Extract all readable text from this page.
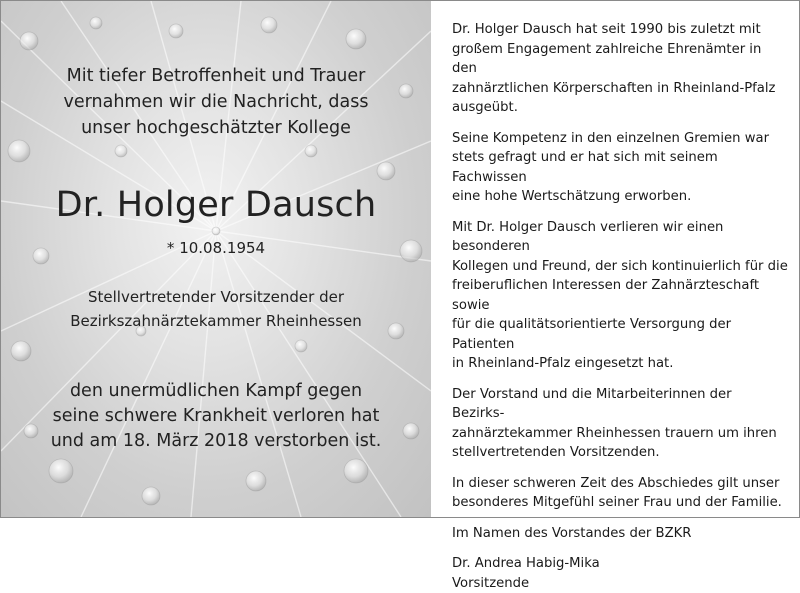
Mit tiefer Betroffenheit und Trauer
vernahmen wir die Nachricht, dass
unser hochgeschätzter Kollege
Dr. Holger Dausch
* 10.08.1954
Stellvertretender Vorsitzender der
Bezirkszahnärztekammer Rheinhessen
den unermüdlichen Kampf gegen
seine schwere Krankheit verloren hat
und am 18. März 2018 verstorben ist.

Dr. Holger Dausch hat seit 1990 bis zuletzt mit
großem Engagement zahlreiche Ehrenämter in den
zahnärztlichen Körperschaften in Rheinland-Pfalz
ausgeübt.

Seine Kompetenz in den einzelnen Gremien war
stets gefragt und er hat sich mit seinem Fachwissen
eine hohe Wertschätzung erworben.

Mit Dr. Holger Dausch verlieren wir einen besonderen
Kollegen und Freund, der sich kontinuierlich für die
freiberuflichen Interessen der Zahnärzteschaft sowie
für die qualitätsorientierte Versorgung der Patienten
in Rheinland-Pfalz eingesetzt hat.

Der Vorstand und die Mitarbeiterinnen der Bezirks-
zahnärztekammer Rheinhessen trauern um ihren
stellvertretenden Vorsitzenden.

In dieser schweren Zeit des Abschiedes gilt unser
besonderes Mitgefühl seiner Frau und der Familie.

Im Namen des Vorstandes der BZKR

Dr. Andrea Habig-Mika

Vorsitzende
